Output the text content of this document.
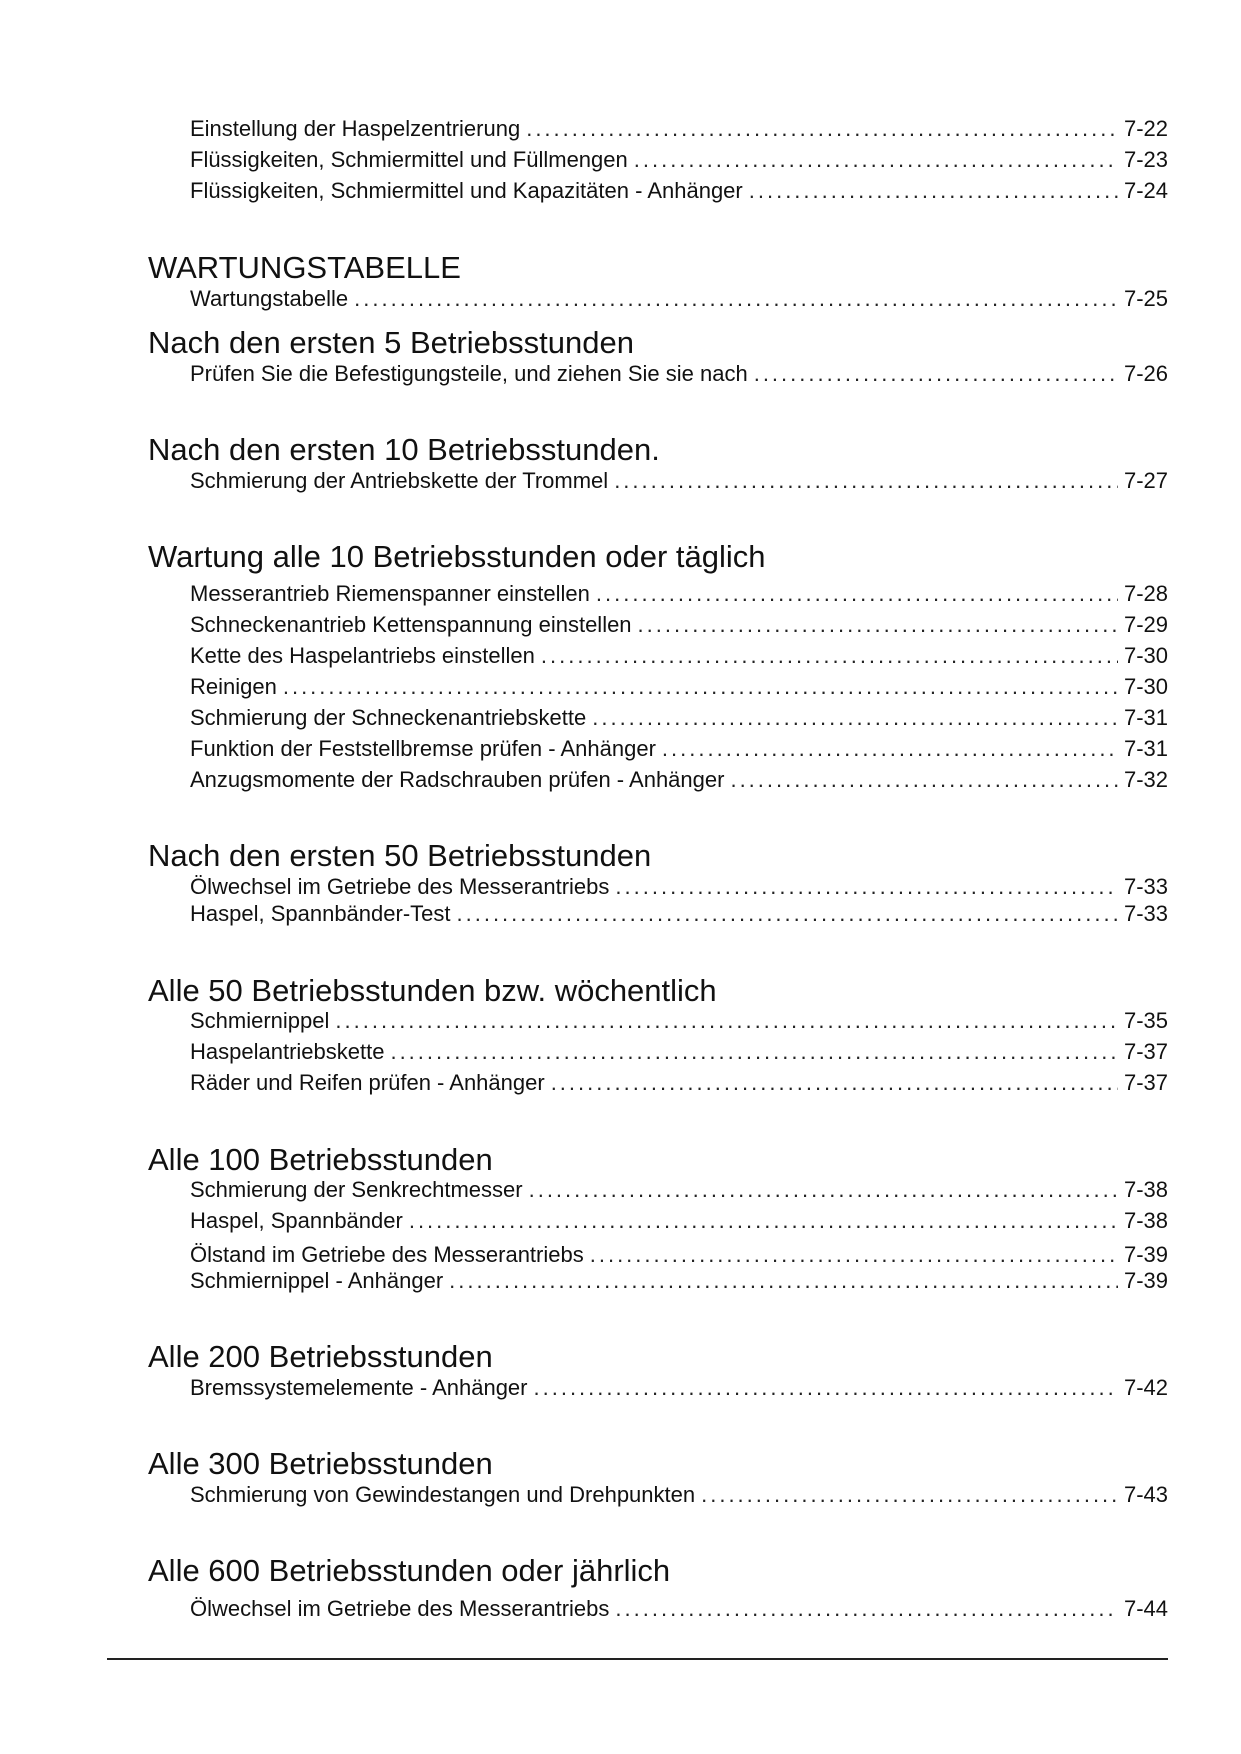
Einstellung der Haspelzentrierung .....	7-22
Flüssigkeiten, Schmiermittel und Füllmengen .....	7-23
Flüssigkeiten, Schmiermittel und Kapazitäten - Anhänger .....	7-24
WARTUNGSTABELLE
Wartungstabelle .....	7-25
Nach den ersten 5 Betriebsstunden
Prüfen Sie die Befestigungsteile, und ziehen Sie sie nach .....	7-26
Nach den ersten 10 Betriebsstunden.
Schmierung der Antriebskette der Trommel .....	7-27
Wartung alle 10 Betriebsstunden oder täglich
Messerantrieb Riemenspanner einstellen .....	7-28
Schneckenantrieb Kettenspannung einstellen .....	7-29
Kette des Haspelantriebs einstellen .....	7-30
Reinigen .....	7-30
Schmierung der Schneckenantriebskette .....	7-31
Funktion der Feststellbremse prüfen - Anhänger .....	7-31
Anzugsmomente der Radschrauben prüfen - Anhänger .....	7-32
Nach den ersten 50 Betriebsstunden
Ölwechsel im Getriebe des Messerantriebs .....	7-33
Haspel, Spannbänder-Test .....	7-33
Alle 50 Betriebsstunden bzw. wöchentlich
Schmiernippel .....	7-35
Haspelantriebskette .....	7-37
Räder und Reifen prüfen - Anhänger .....	7-37
Alle 100 Betriebsstunden
Schmierung der Senkrechtmesser .....	7-38
Haspel, Spannbänder .....	7-38
Ölstand im Getriebe des Messerantriebs .....	7-39
Schmiernippel - Anhänger .....	7-39
Alle 200 Betriebsstunden
Bremssystemelemente - Anhänger .....	7-42
Alle 300 Betriebsstunden
Schmierung von Gewindestangen und Drehpunkten .....	7-43
Alle 600 Betriebsstunden oder jährlich
Ölwechsel im Getriebe des Messerantriebs .....	7-44
